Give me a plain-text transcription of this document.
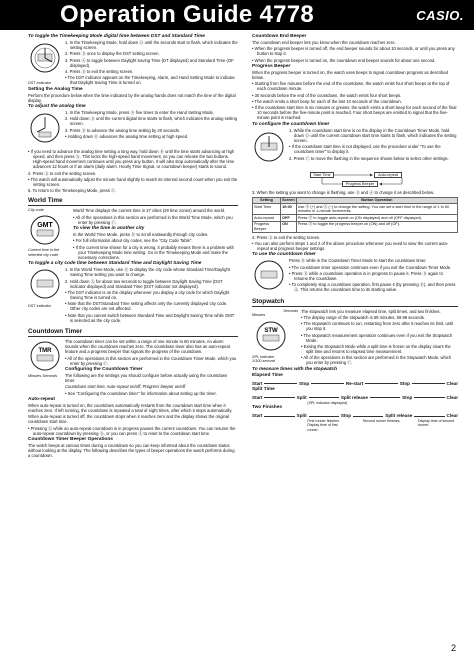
Operation Guide 4778	CASIO.
To toggle the Timekeeping Mode digital time between DST and Standard Time
DST indicator
1. In the Timekeeping Mode, hold down Ⓓ until the seconds start to flash, which indicates the setting screen.
2. Press Ⓓ once to display the DST setting screen.
3. Press Ⓐ to toggle between Daylight Saving Time (DT displayed) and Standard Time (OF displayed).
4. Press Ⓓ to exit the setting screen.
• The DST indicator appears on the Timekeeping, Alarm, and Hand Setting Mode to indicate that Daylight Saving Time is turned on.
Setting the Analog Time
Perform the procedure below when the time indicated by the analog hands does not match the time of the digital display.
To adjust the analog time
1. In the Timekeeping Mode, press Ⓑ five times to enter the Hand Setting Mode.
2. Hold down Ⓓ until the current digital time starts to flash, which indicates the analog setting screen.
3. Press Ⓑ to advance the analog time setting by 20 seconds.
• Holding down Ⓑ advances the analog time setting at high speed.
• If you need to advance the analog time setting a long way, hold down Ⓑ until the time starts advancing at high speed, and then press Ⓐ. This locks the high-speed hand movement, so you can release the two buttons. High-speed hand movement continues until you press any button. It will also stop automatically after the time advances 12 hours or if an alarm (daily alarm, Hourly Time Signal, or countdown beeper) starts to sound.
4. Press Ⓓ to exit the setting screen.
• The watch will automatically adjust the minute hand slightly to match its internal second count when you exit the setting screen.
5. To return to the Timekeeping Mode, press Ⓒ.
World Time
City code
GMT
Current time in the selected city code
World Time displays the current time in 27 cities (29 time zones) around the world.
• All of the operations in this section are performed in the World Time Mode, which you enter by pressing Ⓒ.
To view the time in another city
In the World Time Mode, press Ⓑ to scroll eastwardly through city codes.
• For full information about city codes, see the "City Code Table".
• If the current time shown for a city is wrong, it probably means there is a problem with your Timekeeping Mode time setting. Go to the Timekeeping Mode and make the necessary corrections.
To toggle a city code time between Standard Time and Daylight Saving Time
DST indicator
1. In the World Time Mode, use Ⓑ to display the city code whose Standard Time/Daylight Saving Time setting you want to change.
2. Hold down Ⓐ for about two seconds to toggle between Daylight Saving Time (DST indicator displayed) and Standard Time (DST indicator not displayed).
• The DST indicator is on the display whenever you display a city code for which Daylight Saving Time is turned on.
• Note that the DST/Standard Time setting affects only the currently displayed city code. Other city codes are not affected.
• Note that you cannot switch between Standard Time and Daylight Saving Time while GMT is selected as the city code.
Countdown Timer
TMR
Minutes Seconds
The countdown timer can be set within a range of one minute to 60 minutes. An alarm sounds when the countdown reaches zero. The countdown timer also has an auto-repeat feature and a progress beeper that signals the progress of the countdown.
• All of the operations in this section are performed in the Countdown Timer Mode, which you enter by pressing Ⓒ.
Configuring the Countdown Timer
The following are the settings you should configure before actually using the countdown timer.
Countdown start time; Auto-repeat on/off; Progress beeper on/off
• See "Configuring the countdown timer" for information about setting up the timer.
Auto-repeat
When auto-repeat is turned on, the countdown automatically restarts from the countdown start time when it reaches zero. If left running, the countdown is repeated a total of eight times, after which it stops automatically.
When auto-repeat is turned off, the countdown stops when it reaches zero and the display shows the original countdown start time.
• Pressing Ⓓ while an auto-repeat countdown is in progress pauses the current countdown. You can resume the auto-repeat countdown by pressing Ⓓ, or you can press Ⓐ to reset to the countdown start time.
Countdown Timer Beeper Operations
The watch beeps at various times during a countdown so you can keep informed about the countdown status without looking at the display. The following describes the types of beeper operations the watch performs during a countdown.
Countdown End Beeper
The countdown end beeper lets you know when the countdown reaches zero.
• When the progress beeper is turned off, the end beeper sounds for about 10 seconds, or until you press any button to stop it.
• When the progress beeper is turned on, the countdown end beeper sounds for about one second.
Progress Beeper
When the progress beeper is turned on, the watch uses beeps to signal countdown progress as described below.
• Starting from five minutes before the end of the countdown, the watch emits four short beeps at the top of each countdown minute.
• 30 seconds before the end of the countdown, the watch emits four short beeps.
• The watch emits a short beep for each of the last 10 seconds of the countdown.
• If the countdown start time is six minutes or greater, the watch emits a short beep for each second of the final 10 seconds before the five-minute point is reached. Four short beeps are emitted to signal that the five-minute point is reached.
To configure the countdown timer
1. While the countdown start time is on the display in the Countdown Timer Mode, hold down Ⓓ until the current countdown start time starts to flash, which indicates the setting screen.
• If the countdown start time is not displayed, use the procedure under "To use the countdown timer" to display it.
2. Press Ⓒ to move the flashing in the sequence shown below to select other settings.
Start Time	Auto-repeat
Progress Beeper
3. When the setting you want to change is flashing, use Ⓑ and Ⓐ to change it as described below.
Setting	Screen	Button Operation
Start Time	10:00	Use Ⓑ (+) and Ⓐ (−) to change the setting. You can set a start time in the range of 1 to 60 minutes in 1-minute increments.
Auto-repeat	OFF	Press Ⓑ to toggle auto-repeat on (ON displayed) and off (OFF displayed).
Progress Beeper	ON	Press Ⓑ to toggle the progress beeper on (ON) and off (OF).
4. Press Ⓓ to exit the setting screen.
• You can also perform steps 1 and 2 of the above procedure whenever you need to view the current auto-repeat and progress beeper settings.
To use the countdown timer
Press Ⓑ while in the Countdown Timer Mode to start the countdown timer.
• The countdown timer operation continues even if you exit the Countdown Timer Mode.
• Press Ⓑ while a countdown operation is in progress to pause it. Press Ⓑ again to resume the countdown.
• To completely stop a countdown operation, first pause it (by pressing Ⓑ), and then press Ⓐ. This returns the countdown time to its starting value.
Stopwatch
Seconds
Minutes
STW
SPL indicator
1/100 second
The stopwatch lets you measure elapsed time, split times, and two finishes.
• The display range of the stopwatch is 59 minutes, 59.99 seconds.
• The stopwatch continues to run, restarting from zero after it reaches its limit, until you stop it.
• The stopwatch measurement operation continues even if you exit the Stopwatch Mode.
• Exiting the Stopwatch Mode while a split time is frozen on the display clears the split time and returns to elapsed time measurement.
• All of the operations in this section are performed in the Stopwatch Mode, which you enter by pressing Ⓒ.
To measure times with the stopwatch
Elapsed Time
Start	Stop	Re-start	Stop	Clear
Split Time
Start	Split	Split release	Stop	Clear
(SPL indicator displayed)
Two Finishes
Start	Split	Stop	Split release	Clear
First runner finishes. Display time of first runner.
Second runner finishes.	Display time of second runner.
2
